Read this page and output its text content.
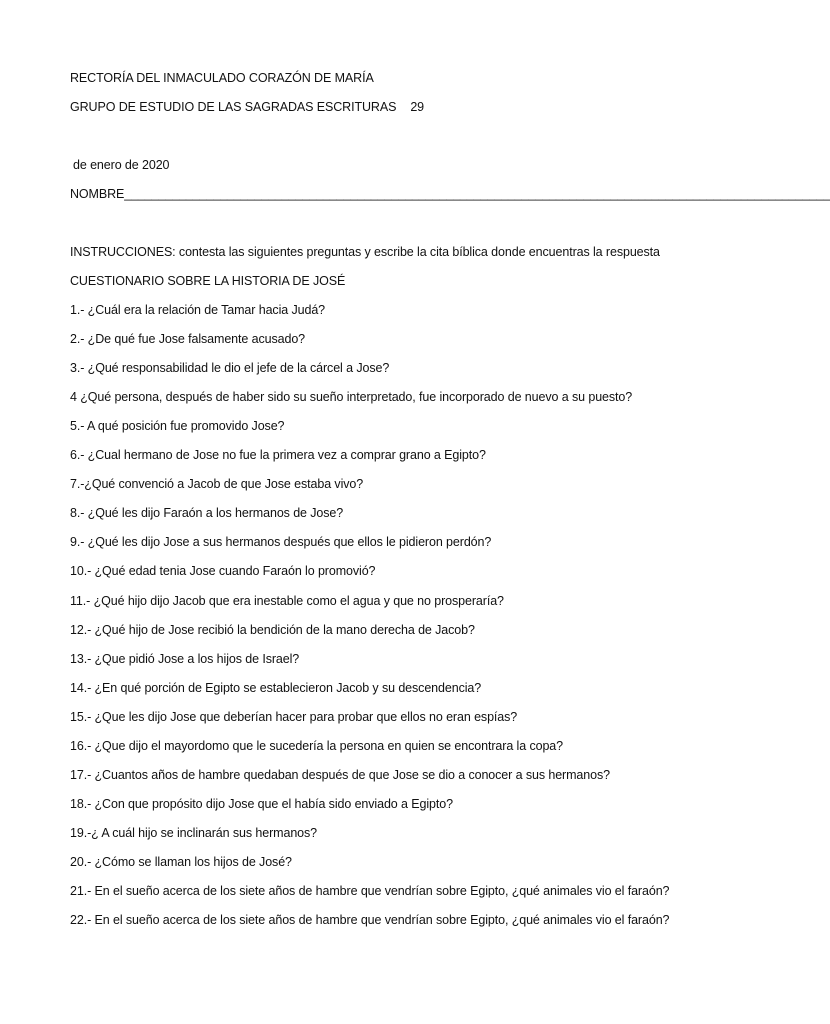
RECTORÍA DEL INMACULADO CORAZÓN DE MARÍA
GRUPO DE ESTUDIO DE LAS SAGRADAS ESCRITURAS 29
de enero de 2020
NOMBRE_______________________________________________________________________________________________________
INSTRUCCIONES: contesta las siguientes preguntas y escribe la cita bíblica donde encuentras la respuesta
CUESTIONARIO SOBRE LA HISTORIA DE JOSÉ
1.- ¿Cuál era la relación de Tamar hacia Judá?
2.- ¿De qué fue Jose falsamente acusado?
3.- ¿Qué responsabilidad le dio el jefe de la cárcel a Jose?
4 ¿Qué persona, después de haber sido su sueño interpretado, fue incorporado de nuevo a su puesto?
5.- A qué posición fue promovido Jose?
6.- ¿Cual hermano de Jose no fue la primera vez a comprar grano a Egipto?
7.-¿Qué convenció a Jacob de que Jose estaba vivo?
8.- ¿Qué les dijo Faraón a los hermanos de Jose?
9.- ¿Qué les dijo Jose a sus hermanos después que ellos le pidieron perdón?
10.- ¿Qué edad tenia Jose cuando Faraón lo promovió?
11.- ¿Qué hijo dijo Jacob que era inestable como el agua y que no prosperaría?
12.- ¿Qué hijo de Jose recibió la bendición de la mano derecha de Jacob?
13.- ¿Que pidió Jose a los hijos de Israel?
14.- ¿En qué porción de Egipto se establecieron Jacob y su descendencia?
15.- ¿Que les dijo Jose que deberían hacer para probar que ellos no eran espías?
16.- ¿Que dijo el mayordomo que le sucedería la persona en quien se encontrara la copa?
17.- ¿Cuantos años de hambre quedaban después de que Jose se dio a conocer a sus hermanos?
18.- ¿Con que propósito dijo Jose que el había sido enviado a Egipto?
19.-¿ A cuál hijo se inclinarán sus hermanos?
20.- ¿Cómo se llaman los hijos de José?
21.- En el sueño acerca de los siete años de hambre que vendrían sobre Egipto, ¿qué animales vio el faraón?
22.- En el sueño acerca de los siete años de hambre que vendrían sobre Egipto, ¿qué animales vio el faraón?
